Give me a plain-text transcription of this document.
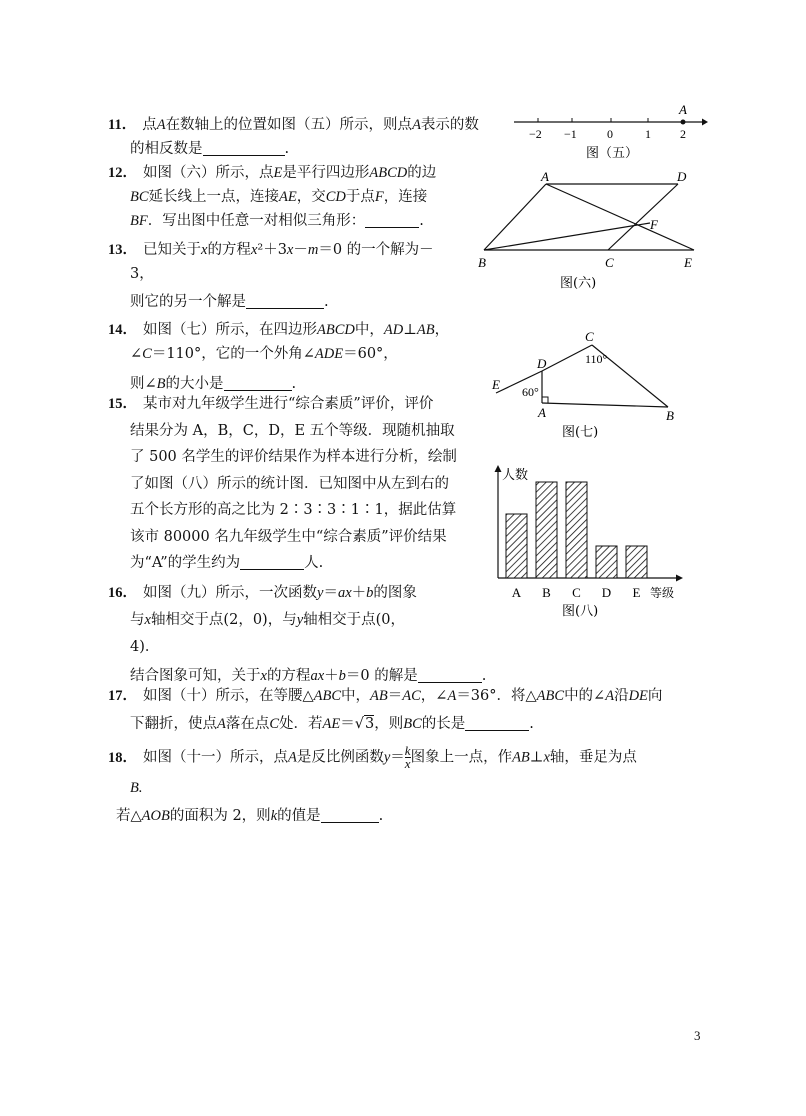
11． 点A在数轴上的位置如图（五）所示，则点A表示的数
的相反数是	.
A
−2 −1	0	1 2
图（五）
12． 如图（六）所示，点E是平行四边形ABCD的边
BC延长线上一点，连接AE，交CD于点F，连接
BF．写出图中任意一对相似三角形：	.
A	D
F
B	C	E
图(六)
13． 已知关于x的方程x²＋3x－m＝0 的一个解为－
3，
则它的另一个解是	.
14． 如图（七）所示，在四边形ABCD中，AD⊥AB，
∠C＝110°，它的一个外角∠ADE＝60°，
则∠B的大小是	.
C
D
E
A	B
110°
60°
图(七)
15． 某市对九年级学生进行“综合素质”评价，评价
结果分为 A，B，C，D，E 五个等级．现随机抽取
了 500 名学生的评价结果作为样本进行分析，绘制
了如图（八）所示的统计图．已知图中从左到右的
五个长方形的高之比为 2∶3∶3∶1∶1，据此估算
该市 80000 名九年级学生中“综合素质”评价结果
为“A”的学生约为	人.
人数
等级
A B C D E
图(八)
16． 如图（九）所示，一次函数y＝ax＋b的图象
与x轴相交于点(2，0)，与y轴相交于点(0，
4)．
结合图象可知，关于x的方程ax＋b＝0 的解是	.
17． 如图（十）所示，在等腰△ABC中，AB＝AC，∠A＝36°．将△ABC中的∠A沿DE向
下翻折，使点A落在点C处．若AE＝√3，则BC的长是	.
18． 如图（十一）所示，点A是反比例函数$y= \frac{k}{x}$ 图象上一点，作AB⊥x轴，垂足为点
B.
若△AOB的面积为 2，则k的值是	.
3
